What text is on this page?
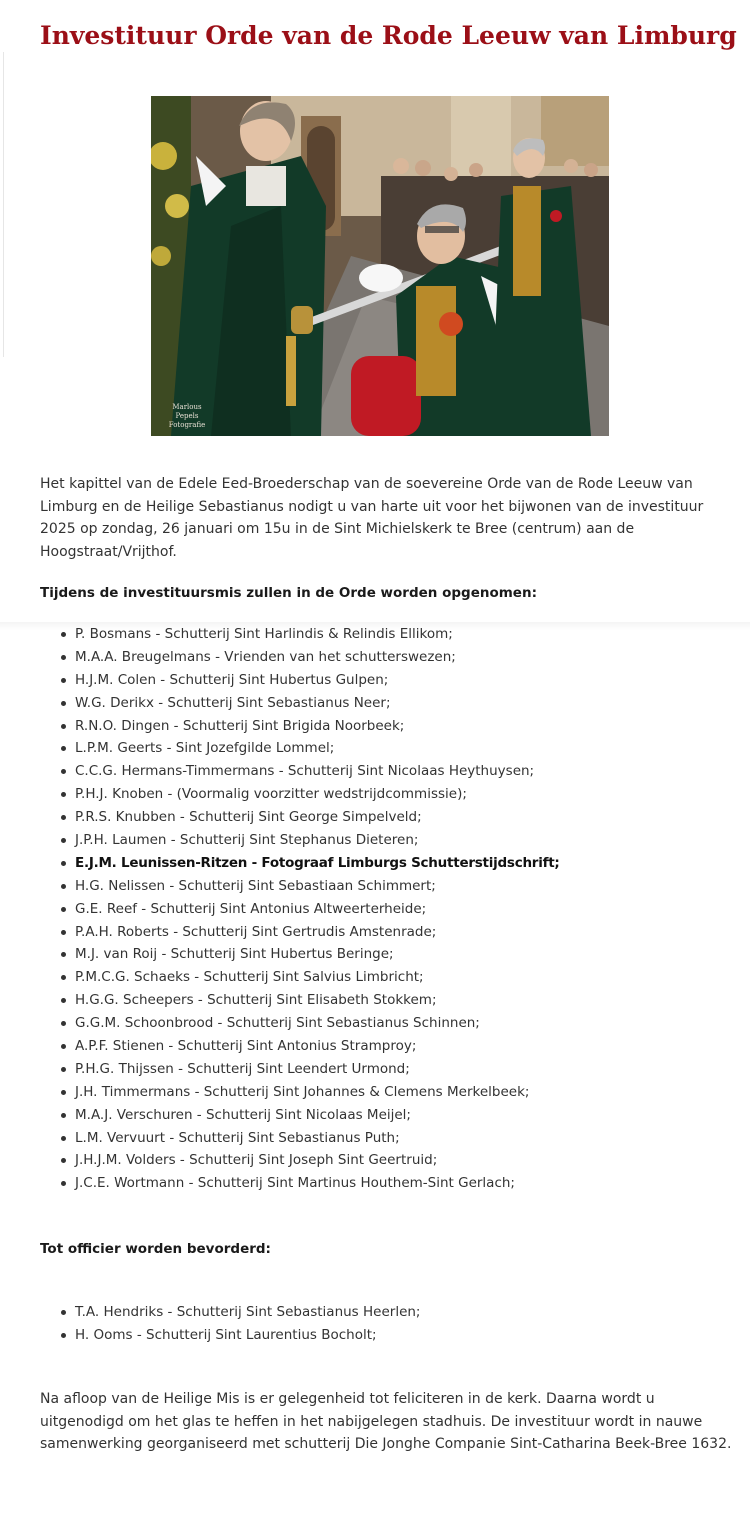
Investituur Orde van de Rode Leeuw van Limburg
Marlous Pepels
Fotografie

Het kapittel van de Edele Eed-Broederschap van de soevereine Orde van de Rode Leeuw van Limburg en de Heilige Sebastianus nodigt u van harte uit voor het bijwonen van de investituur 2025 op zondag, 26 januari om 15u in de Sint Michielskerk te Bree (centrum) aan de Hoogstraat/Vrijthof.

Tijdens de investituursmis zullen in de Orde worden opgenomen:

P. Bosmans - Schutterij Sint Harlindis & Relindis Ellikom;
M.A.A. Breugelmans - Vrienden van het schutterswezen;
H.J.M. Colen - Schutterij Sint Hubertus Gulpen;
W.G. Derikx - Schutterij Sint Sebastianus Neer;
R.N.O. Dingen - Schutterij Sint Brigida Noorbeek;
L.P.M. Geerts - Sint Jozefgilde Lommel;
C.C.G. Hermans-Timmermans - Schutterij Sint Nicolaas Heythuysen;
P.H.J. Knoben - (Voormalig voorzitter wedstrijdcommissie);
P.R.S. Knubben - Schutterij Sint George Simpelveld;
J.P.H. Laumen - Schutterij Sint Stephanus Dieteren;
E.J.M. Leunissen-Ritzen - Fotograaf Limburgs Schutterstijdschrift;
H.G. Nelissen - Schutterij Sint Sebastiaan Schimmert;
G.E. Reef - Schutterij Sint Antonius Altweerterheide;
P.A.H. Roberts - Schutterij Sint Gertrudis Amstenrade;
M.J. van Roij - Schutterij Sint Hubertus Beringe;
P.M.C.G. Schaeks - Schutterij Sint Salvius Limbricht;
H.G.G. Scheepers - Schutterij Sint Elisabeth Stokkem;
G.G.M. Schoonbrood - Schutterij Sint Sebastianus Schinnen;
A.P.F. Stienen - Schutterij Sint Antonius Stramproy;
P.H.G. Thijssen - Schutterij Sint Leendert Urmond;
J.H. Timmermans - Schutterij Sint Johannes & Clemens Merkelbeek;
M.A.J. Verschuren - Schutterij Sint Nicolaas Meijel;
L.M. Vervuurt - Schutterij Sint Sebastianus Puth;
J.H.J.M. Volders - Schutterij Sint Joseph Sint Geertruid;
J.C.E. Wortmann - Schutterij Sint Martinus Houthem-Sint Gerlach;

Tot officier worden bevorderd:

T.A. Hendriks - Schutterij Sint Sebastianus Heerlen;
H. Ooms - Schutterij Sint Laurentius Bocholt;

Na afloop van de Heilige Mis is er gelegenheid tot feliciteren in de kerk. Daarna wordt u uitgenodigd om het glas te heffen in het nabijgelegen stadhuis. De investituur wordt in nauwe samenwerking georganiseerd met schutterij Die Jonghe Companie Sint-Catharina Beek-Bree 1632.
